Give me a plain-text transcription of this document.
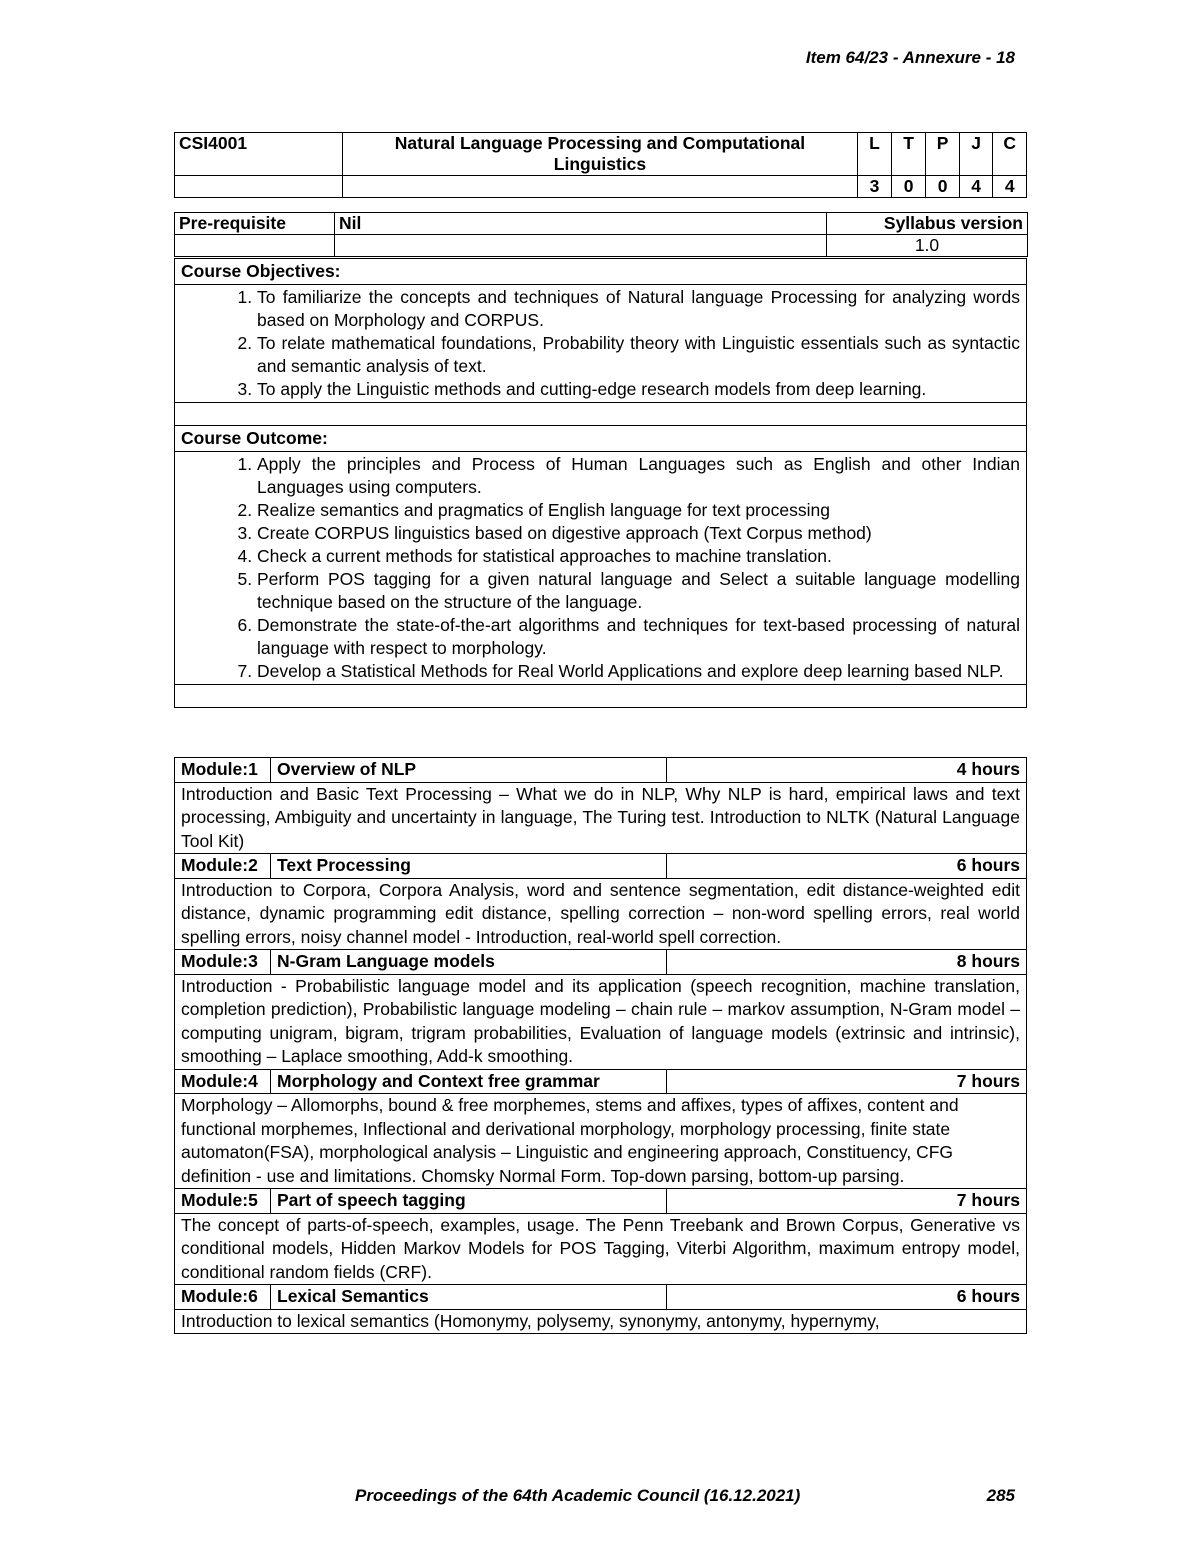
Item 64/23 - Annexure - 18
CSI4001	Natural Language Processing and Computational Linguistics	L	T	P	J	C
		3	0	0	4	4
Pre-requisite	Nil	Syllabus version
		1.0
Course Objectives:

1. To familiarize the concepts and techniques of Natural language Processing for analyzing words based on Morphology and CORPUS.
2. To relate mathematical foundations, Probability theory with Linguistic essentials such as syntactic and semantic analysis of text.
3. To apply the Linguistic methods and cutting-edge research models from deep learning.

Course Outcome:

1. Apply the principles and Process of Human Languages such as English and other Indian Languages using computers.
2. Realize semantics and pragmatics of English language for text processing
3. Create CORPUS linguistics based on digestive approach (Text Corpus method)
4. Check a current methods for statistical approaches to machine translation.
5. Perform POS tagging for a given natural language and Select a suitable language modelling technique based on the structure of the language.
6. Demonstrate the state-of-the-art algorithms and techniques for text-based processing of natural language with respect to morphology.
7. Develop a Statistical Methods for Real World Applications and explore deep learning based NLP.

Module:1	Overview of NLP	4 hours
Introduction and Basic Text Processing – What we do in NLP, Why NLP is hard, empirical laws and text processing, Ambiguity and uncertainty in language, The Turing test. Introduction to NLTK (Natural Language Tool Kit)		
Module:2	Text Processing	6 hours
Introduction to Corpora, Corpora Analysis, word and sentence segmentation, edit distance-weighted edit distance, dynamic programming edit distance, spelling correction – non-word spelling errors, real world spelling errors, noisy channel model - Introduction, real-world spell correction.		
Module:3	N-Gram Language models	8 hours
Introduction - Probabilistic language model and its application (speech recognition, machine translation, completion prediction), Probabilistic language modeling – chain rule – markov assumption, N-Gram model – computing unigram, bigram, trigram probabilities, Evaluation of language models (extrinsic and intrinsic), smoothing – Laplace smoothing, Add-k smoothing.		
Module:4	Morphology and Context free grammar	7 hours
Morphology – Allomorphs, bound & free morphemes, stems and affixes, types of affixes, content and functional morphemes, Inflectional and derivational morphology, morphology processing, finite state automaton(FSA), morphological analysis – Linguistic and engineering approach, Constituency, CFG definition - use and limitations. Chomsky Normal Form. Top-down parsing, bottom-up parsing.		
Module:5	Part of speech tagging	7 hours
The concept of parts-of-speech, examples, usage. The Penn Treebank and Brown Corpus, Generative vs conditional models, Hidden Markov Models for POS Tagging, Viterbi Algorithm, maximum entropy model, conditional random fields (CRF).		
Module:6	Lexical Semantics	6 hours
Introduction to lexical semantics (Homonymy, polysemy, synonymy, antonymy, hypernymy,		
Proceedings of the 64th Academic Council (16.12.2021)	285
